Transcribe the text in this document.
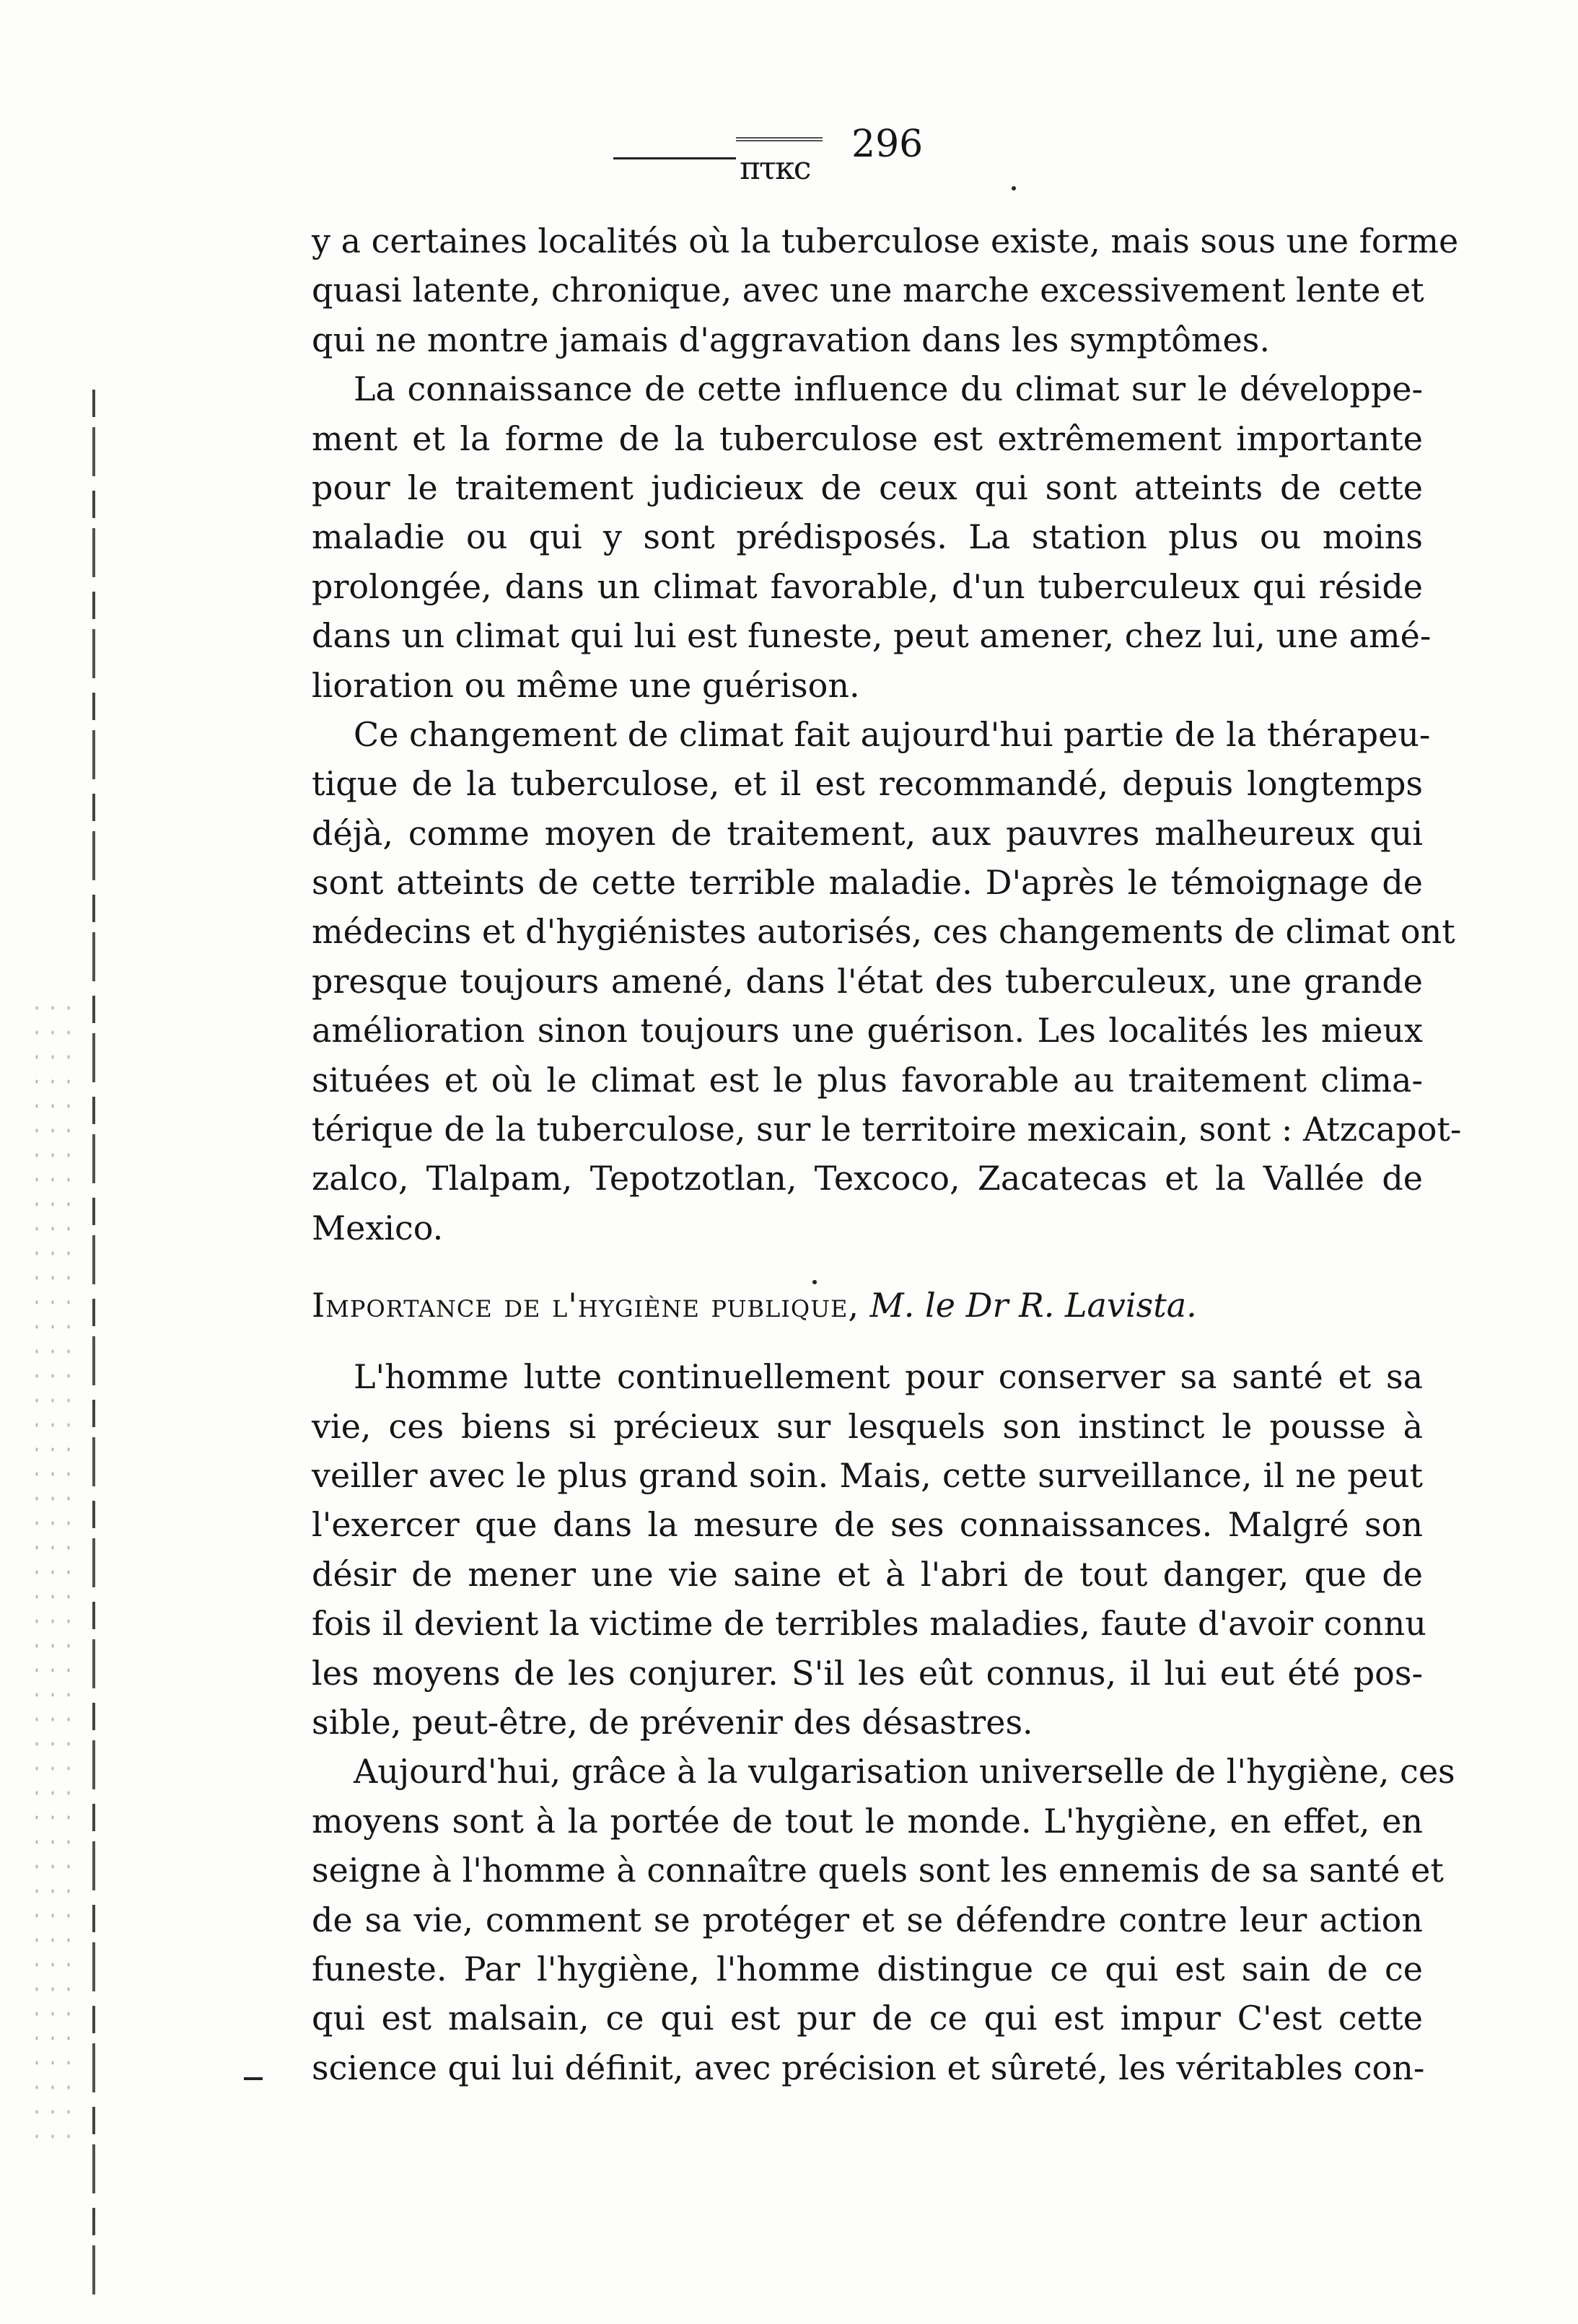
πτκc
296
y a certaines localités où la tuberculose existe, mais sous une forme
quasi latente, chronique, avec une marche excessivement lente et
qui ne montre jamais d'aggravation dans les symptômes.
La connaissance de cette influence du climat sur le développe-
ment et la forme de la tuberculose est extrêmement importante
pour le traitement judicieux de ceux qui sont atteints de cette
maladie ou qui y sont prédisposés. La station plus ou moins
prolongée, dans un climat favorable, d'un tuberculeux qui réside
dans un climat qui lui est funeste, peut amener, chez lui, une amé-
lioration ou même une guérison.
Ce changement de climat fait aujourd'hui partie de la thérapeu-
tique de la tuberculose, et il est recommandé, depuis longtemps
déjà, comme moyen de traitement, aux pauvres malheureux qui
sont atteints de cette terrible maladie. D'après le témoignage de
médecins et d'hygiénistes autorisés, ces changements de climat ont
presque toujours amené, dans l'état des tuberculeux, une grande
amélioration sinon toujours une guérison. Les localités les mieux
situées et où le climat est le plus favorable au traitement clima-
térique de la tuberculose, sur le territoire mexicain, sont : Atzcapot-
zalco, Tlalpam, Tepotzotlan, Texcoco, Zacatecas et la Vallée de
Mexico.
Importance de l'hygiène publique, M. le Dr R. Lavista.
L'homme lutte continuellement pour conserver sa santé et sa
vie, ces biens si précieux sur lesquels son instinct le pousse à
veiller avec le plus grand soin. Mais, cette surveillance, il ne peut
l'exercer que dans la mesure de ses connaissances. Malgré son
désir de mener une vie saine et à l'abri de tout danger, que de
fois il devient la victime de terribles maladies, faute d'avoir connu
les moyens de les conjurer. S'il les eût connus, il lui eut été pos-
sible, peut-être, de prévenir des désastres.
Aujourd'hui, grâce à la vulgarisation universelle de l'hygiène, ces
moyens sont à la portée de tout le monde. L'hygiène, en effet, en
seigne à l'homme à connaître quels sont les ennemis de sa santé et
de sa vie, comment se protéger et se défendre contre leur action
funeste. Par l'hygiène, l'homme distingue ce qui est sain de ce
qui est malsain, ce qui est pur de ce qui est impur C'est cette
science qui lui définit, avec précision et sûreté, les véritables con-
